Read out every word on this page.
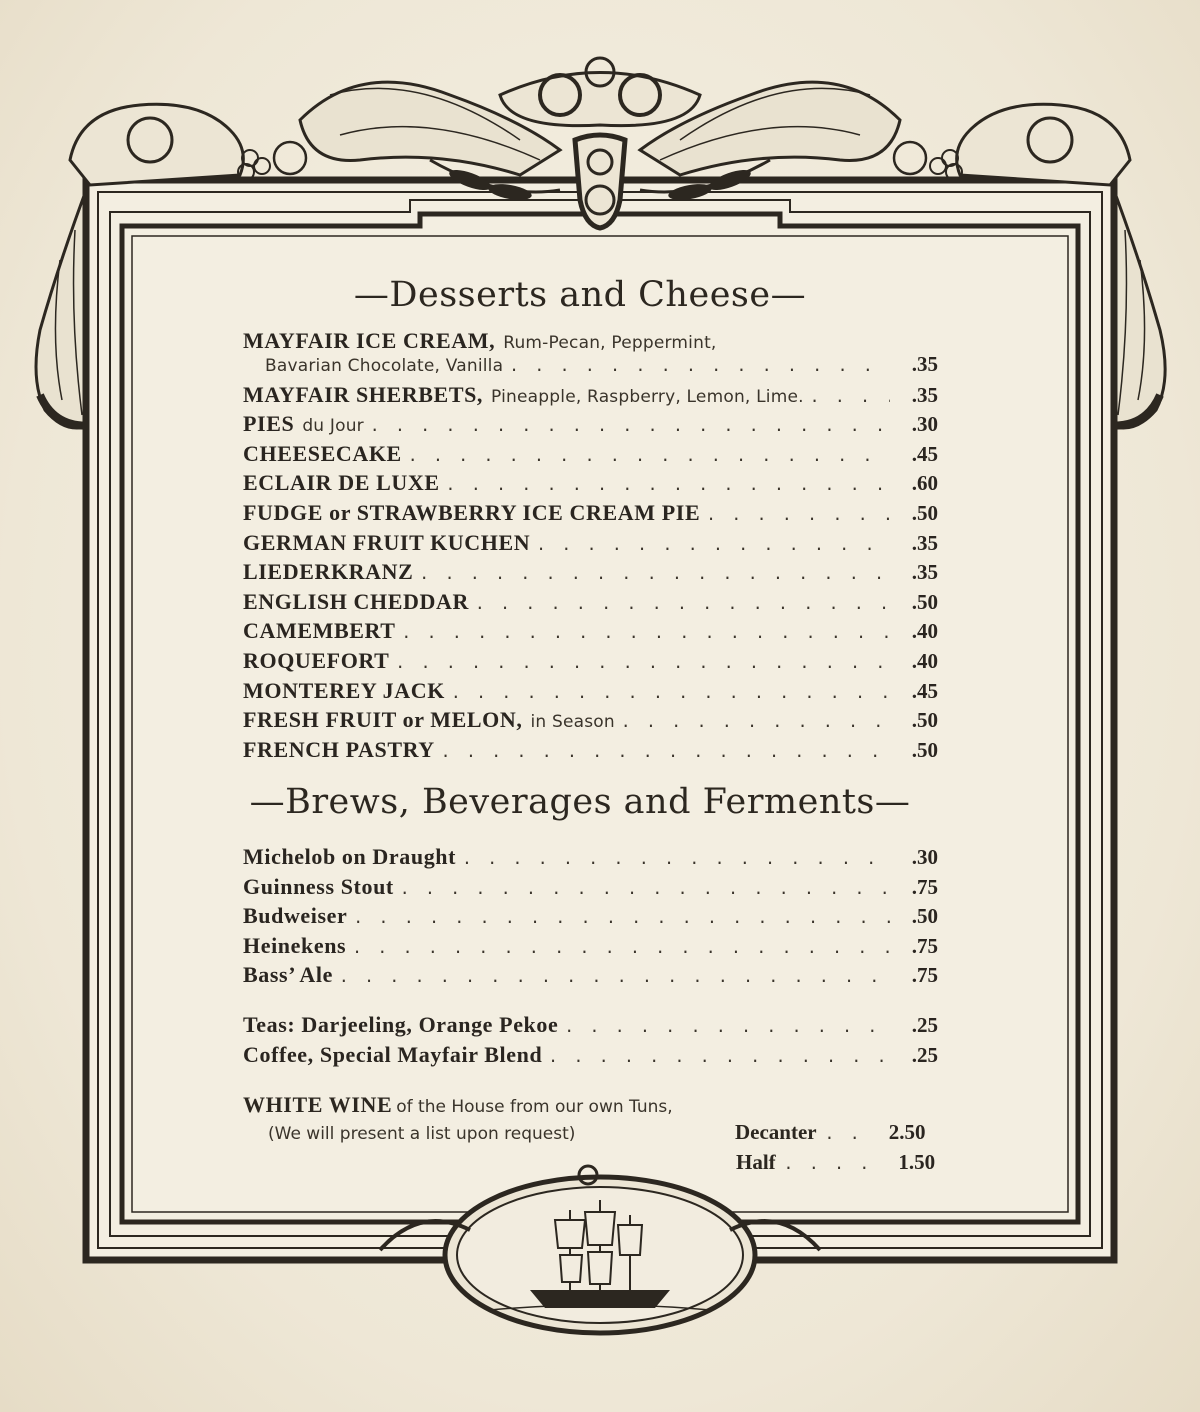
—Desserts and Cheese—
MAYFAIR ICE CREAM, Rum-Pecan, Peppermint,
Bavarian Chocolate, Vanilla . . .	.35
MAYFAIR SHERBETS, Pineapple, Raspberry, Lemon, Lime. . . .	.35
PIES du Jour . . .	.30
CHEESECAKE . . .	.45
ECLAIR DE LUXE . . .	.60
FUDGE or STRAWBERRY ICE CREAM PIE . . .	.50
GERMAN FRUIT KUCHEN . . .	.35
LIEDERKRANZ . . .	.35
ENGLISH CHEDDAR . . .	.50
CAMEMBERT . . .	.40
ROQUEFORT . . .	.40
MONTEREY JACK . . .	.45
FRESH FRUIT or MELON, in Season . . .	.50
FRENCH PASTRY . . .	.50
—Brews, Beverages and Ferments—
Michelob on Draught . . .	.30
Guinness Stout . . .	.75
Budweiser . . .	.50
Heinekens . . .	.75
Bass’ Ale . . .	.75
Teas: Darjeeling, Orange Pekoe . . .	.25
Coffee, Special Mayfair Blend . . .	.25
WHITE WINE of the House from our own Tuns,
(We will present a list upon request)	Decanter . .	2.50
Half . . . .	1.50
